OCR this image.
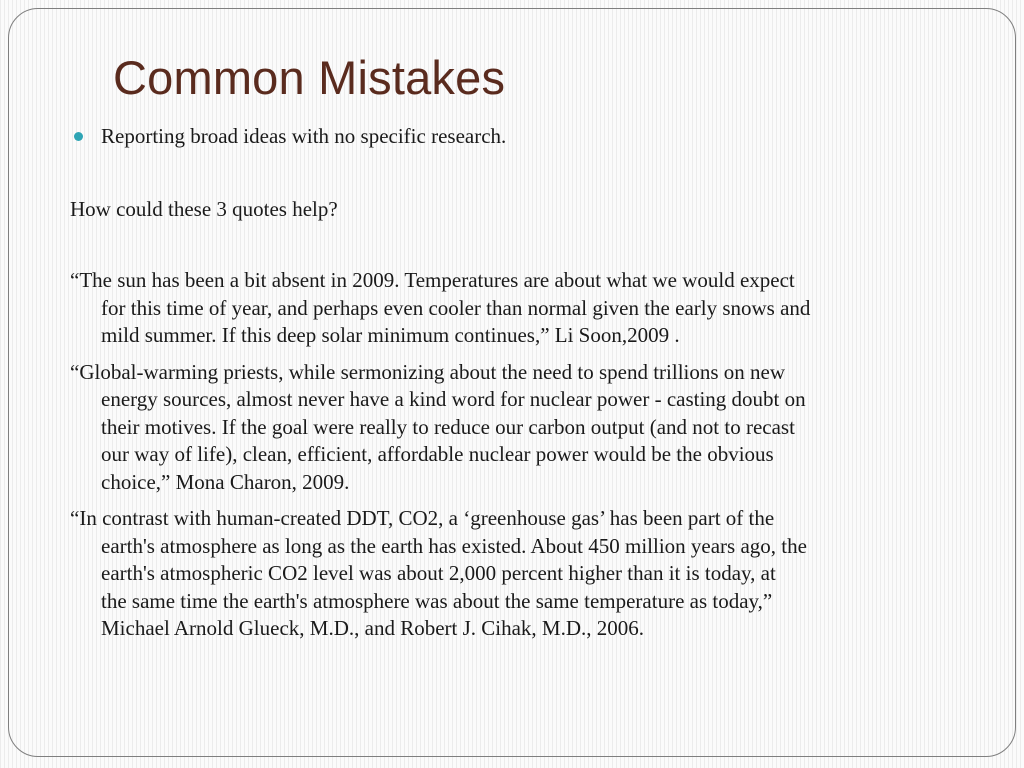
Common Mistakes
Reporting broad ideas with no specific research.

How could these 3 quotes help?

“The sun has been a bit absent in 2009. Temperatures are about what we would expect
for this time of year, and perhaps even cooler than normal given the early snows and
mild summer. If this deep solar minimum continues,” Li Soon,2009 .

“Global-warming priests, while sermonizing about the need to spend trillions on new
energy sources, almost never have a kind word for nuclear power - casting doubt on
their motives. If the goal were really to reduce our carbon output (and not to recast
our way of life), clean, efficient, affordable nuclear power would be the obvious
choice,” Mona Charon, 2009.

“In contrast with human-created DDT, CO2, a ‘greenhouse gas’ has been part of the
earth's atmosphere as long as the earth has existed. About 450 million years ago, the
earth's atmospheric CO2 level was about 2,000 percent higher than it is today, at
the same time the earth's atmosphere was about the same temperature as today,”
Michael Arnold Glueck, M.D., and Robert J. Cihak, M.D., 2006.
